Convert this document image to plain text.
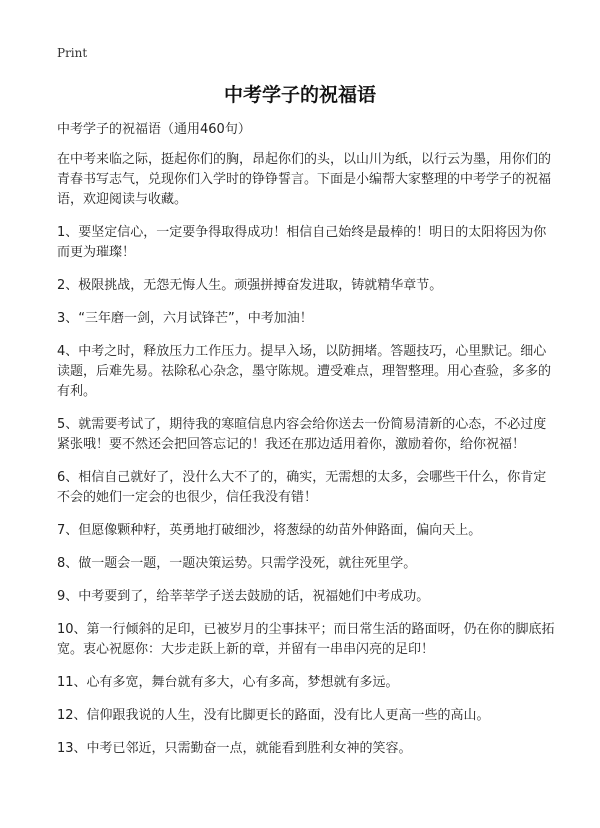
Print
中考学子的祝福语

中考学子的祝福语（通用460句）

在中考来临之际，挺起你们的胸，昂起你们的头，以山川为纸，以行云为墨，用你们的青春书写志气，兑现你们入学时的铮铮誓言。下面是小编帮大家整理的中考学子的祝福语，欢迎阅读与收藏。

1、要坚定信心，一定要争得取得成功！相信自己始终是最棒的！明日的太阳将因为你而更为璀璨！

2、极限挑战，无怨无悔人生。顽强拼搏奋发进取，铸就精华章节。

3、“三年磨一剑，六月试锋芒”，中考加油！

4、中考之时，释放压力工作压力。提早入场，以防拥堵。答题技巧，心里默记。细心读题，后难先易。祛除私心杂念，墨守陈规。遭受难点，理智整理。用心查验，多多的有利。

5、就需要考试了，期待我的寒暄信息内容会给你送去一份简易清新的心态，不必过度紧张哦！要不然还会把回答忘记的！我还在那边适用着你，激励着你，给你祝福！

6、相信自己就好了，没什么大不了的，确实，无需想的太多，会哪些干什么，你肯定不会的她们一定会的也很少，信任我没有错！

7、但愿像颗种籽，英勇地打破细沙，将葱绿的幼苗外伸路面，偏向天上。

8、做一题会一题，一题决策运势。只需学没死，就往死里学。

9、中考要到了，给莘莘学子送去鼓励的话，祝福她们中考成功。

10、第一行倾斜的足印，已被岁月的尘事抹平；而日常生活的路面呀，仍在你的脚底拓宽。衷心祝愿你：大步走跃上新的章，并留有一串串闪亮的足印！

11、心有多宽，舞台就有多大，心有多高，梦想就有多远。

12、信仰跟我说的人生，没有比脚更长的路面，没有比人更高一些的高山。

13、中考已邻近，只需勤奋一点，就能看到胜利女神的笑容。
